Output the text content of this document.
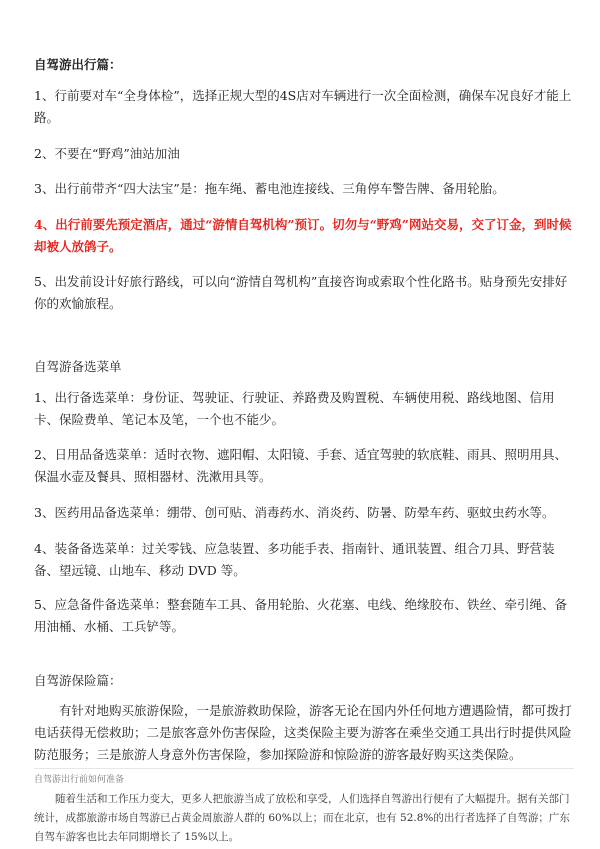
自驾游出行篇：

1、行前要对车“全身体检”，选择正规大型的4S店对车辆进行一次全面检测，确保车况良好才能上路。

2、不要在“野鸡”油站加油

3、出行前带齐“四大法宝”是：拖车绳、蓄电池连接线、三角停车警告牌、备用轮胎。

4、出行前要先预定酒店，通过“游情自驾机构”预订。切勿与“野鸡”网站交易，交了订金，到时候却被人放鸽子。

5、出发前设计好旅行路线，可以向“游情自驾机构”直接咨询或索取个性化路书。贴身预先安排好你的欢愉旅程。

自驾游备选菜单

1、出行备选菜单：身份证、驾驶证、行驶证、养路费及购置税、车辆使用税、路线地图、信用卡、保险费单、笔记本及笔，一个也不能少。

2、日用品备选菜单：适时衣物、遮阳帽、太阳镜、手套、适宜驾驶的软底鞋、雨具、照明用具、保温水壶及餐具、照相器材、洗漱用具等。

3、医药用品备选菜单：绷带、创可贴、消毒药水、消炎药、防暑、防晕车药、驱蚊虫药水等。

4、装备备选菜单：过关零钱、应急装置、多功能手表、指南针、通讯装置、组合刀具、野营装备、望远镜、山地车、移动 DVD 等。

5、应急备件备选菜单：整套随车工具、备用轮胎、火花塞、电线、绝缘胶布、铁丝、牵引绳、备用油桶、水桶、工兵铲等。

自驾游保险篇：

有针对地购买旅游保险，一是旅游救助保险，游客无论在国内外任何地方遭遇险情，都可拨打电话获得无偿救助；二是旅客意外伤害保险，这类保险主要为游客在乘坐交通工具出行时提供风险防范服务；三是旅游人身意外伤害保险，参加探险游和惊险游的游客最好购买这类保险。

自驾游出行前如何准备

随着生活和工作压力变大，更多人把旅游当成了放松和享受，人们选择自驾游出行便有了大幅提升。据有关部门统计，成都旅游市场自驾游已占黄金周旅游人群的 60%以上；而在北京，也有 52.8%的出行者选择了自驾游；广东自驾车游客也比去年同期增长了 15%以上。
